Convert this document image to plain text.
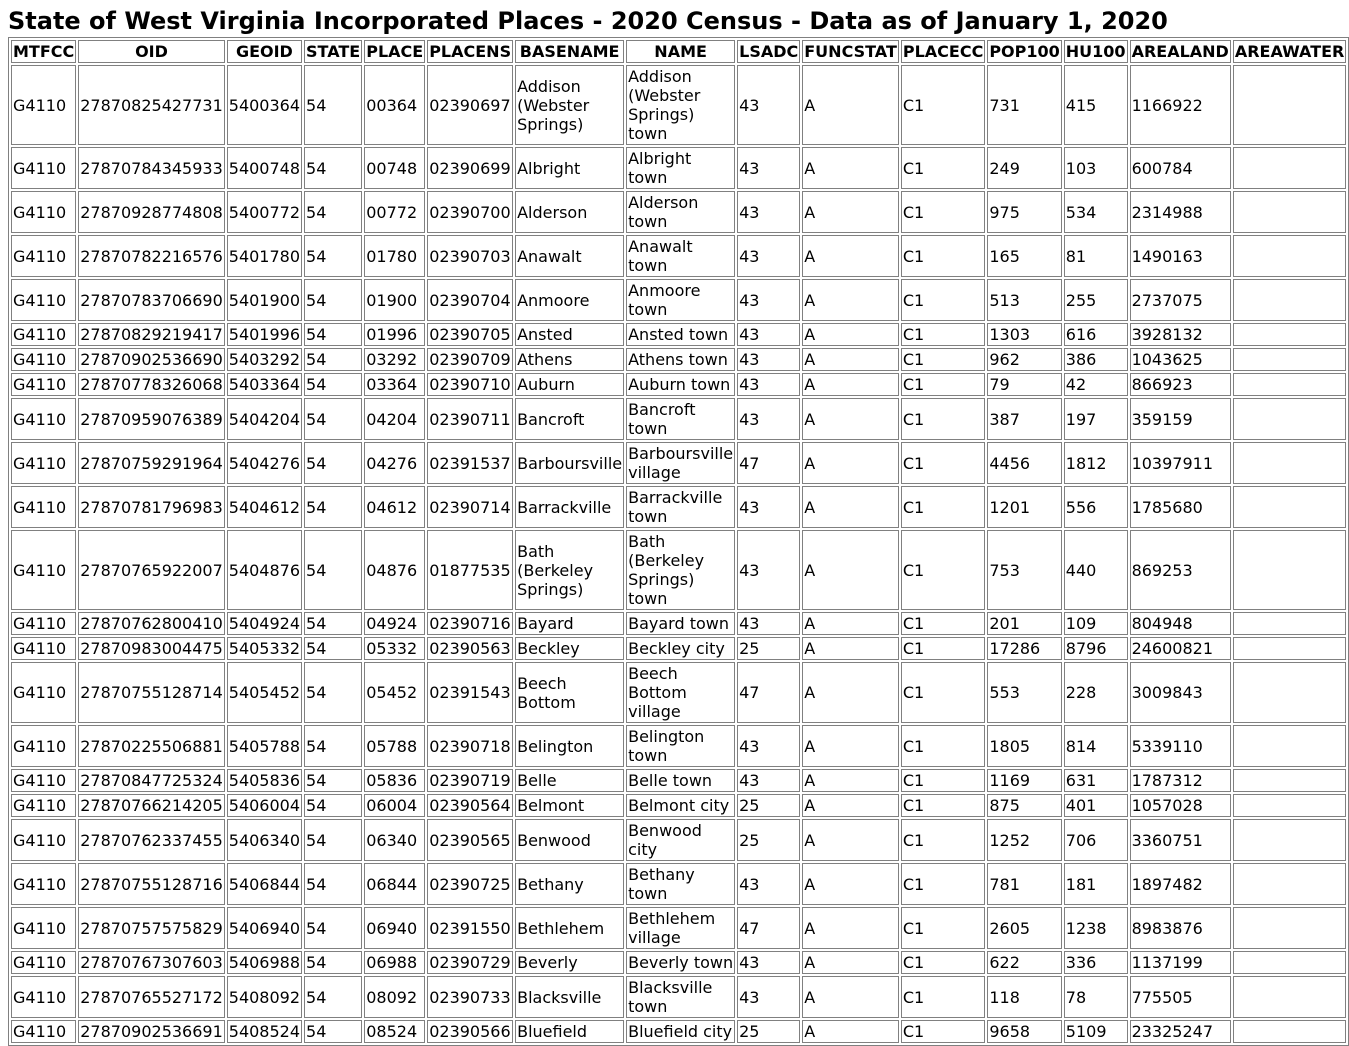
State of West Virginia Incorporated Places - 2020 Census - Data as of January 1, 2020
MTFCC	OID	GEOID	STATE	PLACE	PLACENS	BASENAME	NAME	LSADC	FUNCSTAT	PLACECC	POP100	HU100	AREALAND	AREAWATER
G4110	27870825427731	5400364	54	00364	02390697	Addison (Webster Springs)	Addison (Webster Springs) town	43	A	C1	731	415	1166922	
G4110	27870784345933	5400748	54	00748	02390699	Albright	Albright town	43	A	C1	249	103	600784	
G4110	27870928774808	5400772	54	00772	02390700	Alderson	Alderson town	43	A	C1	975	534	2314988	
G4110	27870782216576	5401780	54	01780	02390703	Anawalt	Anawalt town	43	A	C1	165	81	1490163	
G4110	27870783706690	5401900	54	01900	02390704	Anmoore	Anmoore town	43	A	C1	513	255	2737075	
G4110	27870829219417	5401996	54	01996	02390705	Ansted	Ansted town	43	A	C1	1303	616	3928132	
G4110	27870902536690	5403292	54	03292	02390709	Athens	Athens town	43	A	C1	962	386	1043625	
G4110	27870778326068	5403364	54	03364	02390710	Auburn	Auburn town	43	A	C1	79	42	866923	
G4110	27870959076389	5404204	54	04204	02390711	Bancroft	Bancroft town	43	A	C1	387	197	359159	
G4110	27870759291964	5404276	54	04276	02391537	Barboursville	Barboursville village	47	A	C1	4456	1812	10397911	
G4110	27870781796983	5404612	54	04612	02390714	Barrackville	Barrackville town	43	A	C1	1201	556	1785680	
G4110	27870765922007	5404876	54	04876	01877535	Bath (Berkeley Springs)	Bath (Berkeley Springs) town	43	A	C1	753	440	869253	
G4110	27870762800410	5404924	54	04924	02390716	Bayard	Bayard town	43	A	C1	201	109	804948	
G4110	27870983004475	5405332	54	05332	02390563	Beckley	Beckley city	25	A	C1	17286	8796	24600821	
G4110	27870755128714	5405452	54	05452	02391543	Beech Bottom	Beech Bottom village	47	A	C1	553	228	3009843	
G4110	27870225506881	5405788	54	05788	02390718	Belington	Belington town	43	A	C1	1805	814	5339110	
G4110	27870847725324	5405836	54	05836	02390719	Belle	Belle town	43	A	C1	1169	631	1787312	
G4110	27870766214205	5406004	54	06004	02390564	Belmont	Belmont city	25	A	C1	875	401	1057028	
G4110	27870762337455	5406340	54	06340	02390565	Benwood	Benwood city	25	A	C1	1252	706	3360751	
G4110	27870755128716	5406844	54	06844	02390725	Bethany	Bethany town	43	A	C1	781	181	1897482	
G4110	27870757575829	5406940	54	06940	02391550	Bethlehem	Bethlehem village	47	A	C1	2605	1238	8983876	
G4110	27870767307603	5406988	54	06988	02390729	Beverly	Beverly town	43	A	C1	622	336	1137199	
G4110	27870765527172	5408092	54	08092	02390733	Blacksville	Blacksville town	43	A	C1	118	78	775505	
G4110	27870902536691	5408524	54	08524	02390566	Bluefield	Bluefield city	25	A	C1	9658	5109	23325247	
